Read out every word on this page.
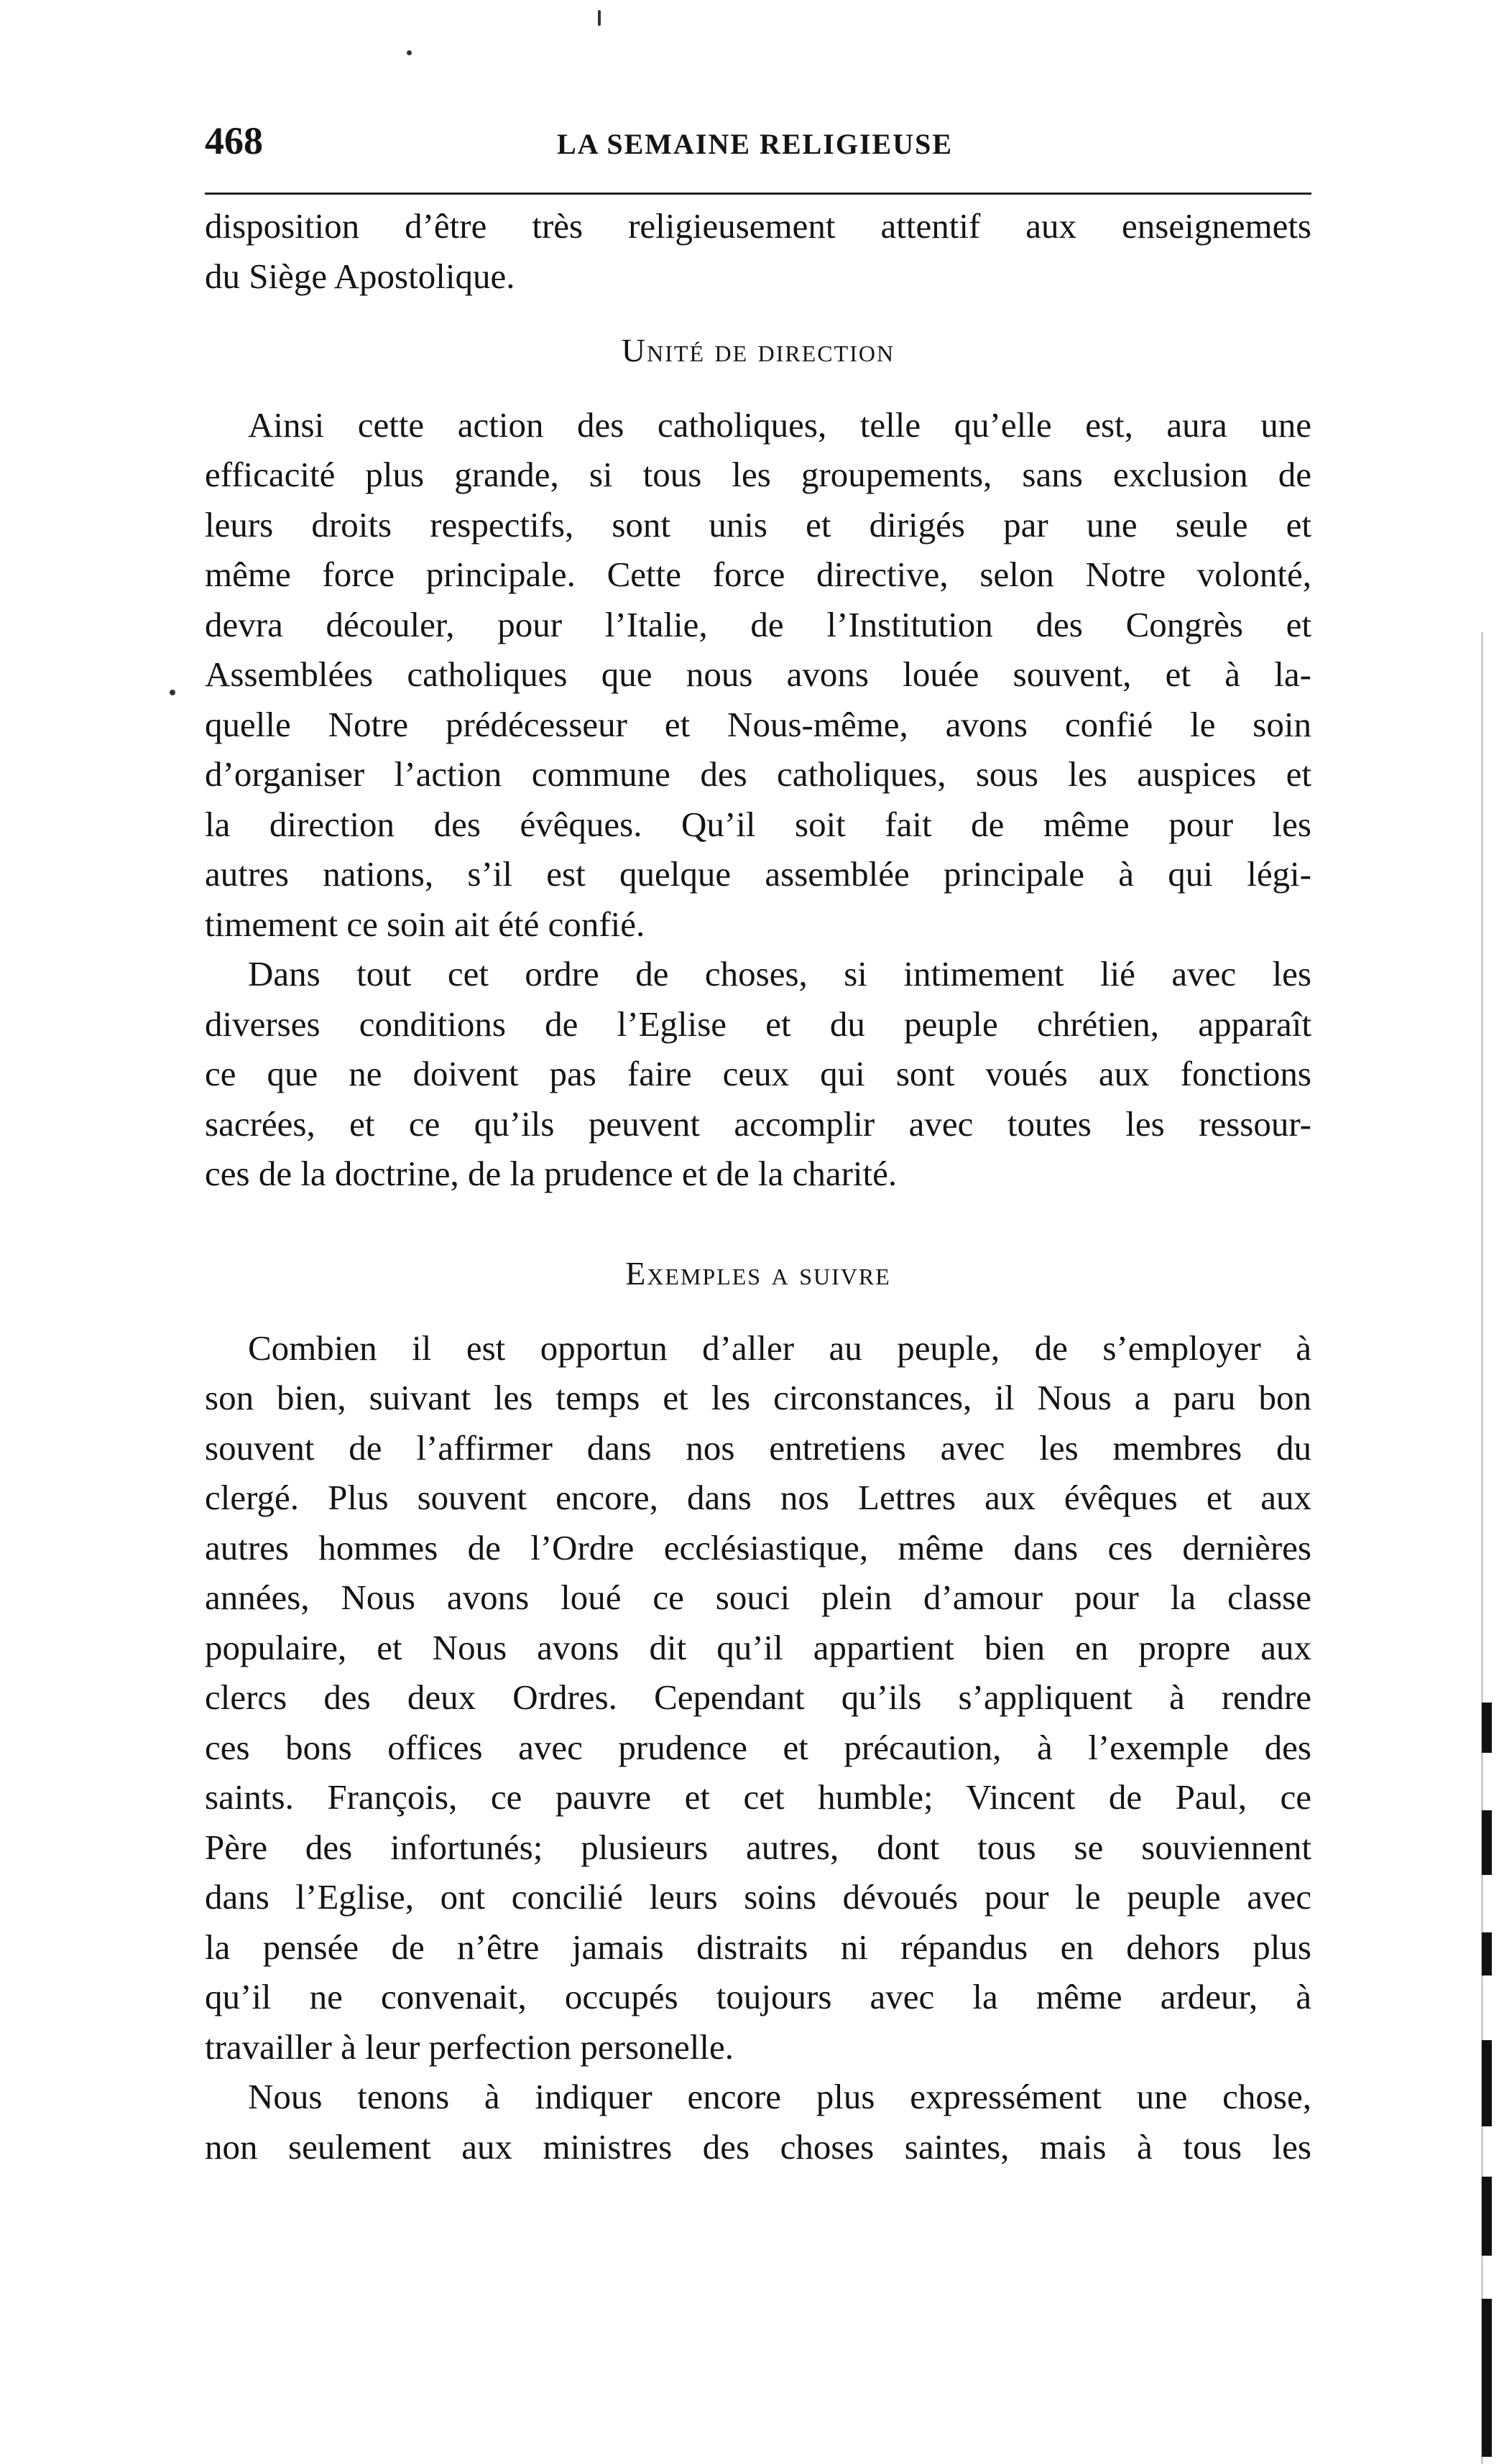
468	LA SEMAINE RELIGIEUSE
disposition d’être très religieusement attentif aux enseignemets
du Siège Apostolique.
Unité de direction
Ainsi cette action des catholiques, telle qu’elle est, aura une
efficacité plus grande, si tous les groupements, sans exclusion de
leurs droits respectifs, sont unis et dirigés par une seule et
même force principale. Cette force directive, selon Notre volonté,
devra découler, pour l’Italie, de l’Institution des Congrès et
Assemblées catholiques que nous avons louée souvent, et à la-
quelle Notre prédécesseur et Nous-même, avons confié le soin
d’organiser l’action commune des catholiques, sous les auspices et
la direction des évêques. Qu’il soit fait de même pour les
autres nations, s’il est quelque assemblée principale à qui légi-
timement ce soin ait été confié.
Dans tout cet ordre de choses, si intimement lié avec les
diverses conditions de l’Eglise et du peuple chrétien, apparaît
ce que ne doivent pas faire ceux qui sont voués aux fonctions
sacrées, et ce qu’ils peuvent accomplir avec toutes les ressour-
ces de la doctrine, de la prudence et de la charité.
Exemples a suivre
Combien il est opportun d’aller au peuple, de s’employer à
son bien, suivant les temps et les circonstances, il Nous a paru bon
souvent de l’affirmer dans nos entretiens avec les membres du
clergé. Plus souvent encore, dans nos Lettres aux évêques et aux
autres hommes de l’Ordre ecclésiastique, même dans ces dernières
années, Nous avons loué ce souci plein d’amour pour la classe
populaire, et Nous avons dit qu’il appartient bien en propre aux
clercs des deux Ordres. Cependant qu’ils s’appliquent à rendre
ces bons offices avec prudence et précaution, à l’exemple des
saints. François, ce pauvre et cet humble; Vincent de Paul, ce
Père des infortunés; plusieurs autres, dont tous se souviennent
dans l’Eglise, ont concilié leurs soins dévoués pour le peuple avec
la pensée de n’être jamais distraits ni répandus en dehors plus
qu’il ne convenait, occupés toujours avec la même ardeur, à
travailler à leur perfection personelle.
Nous tenons à indiquer encore plus expressément une chose,
non seulement aux ministres des choses saintes, mais à tous les
